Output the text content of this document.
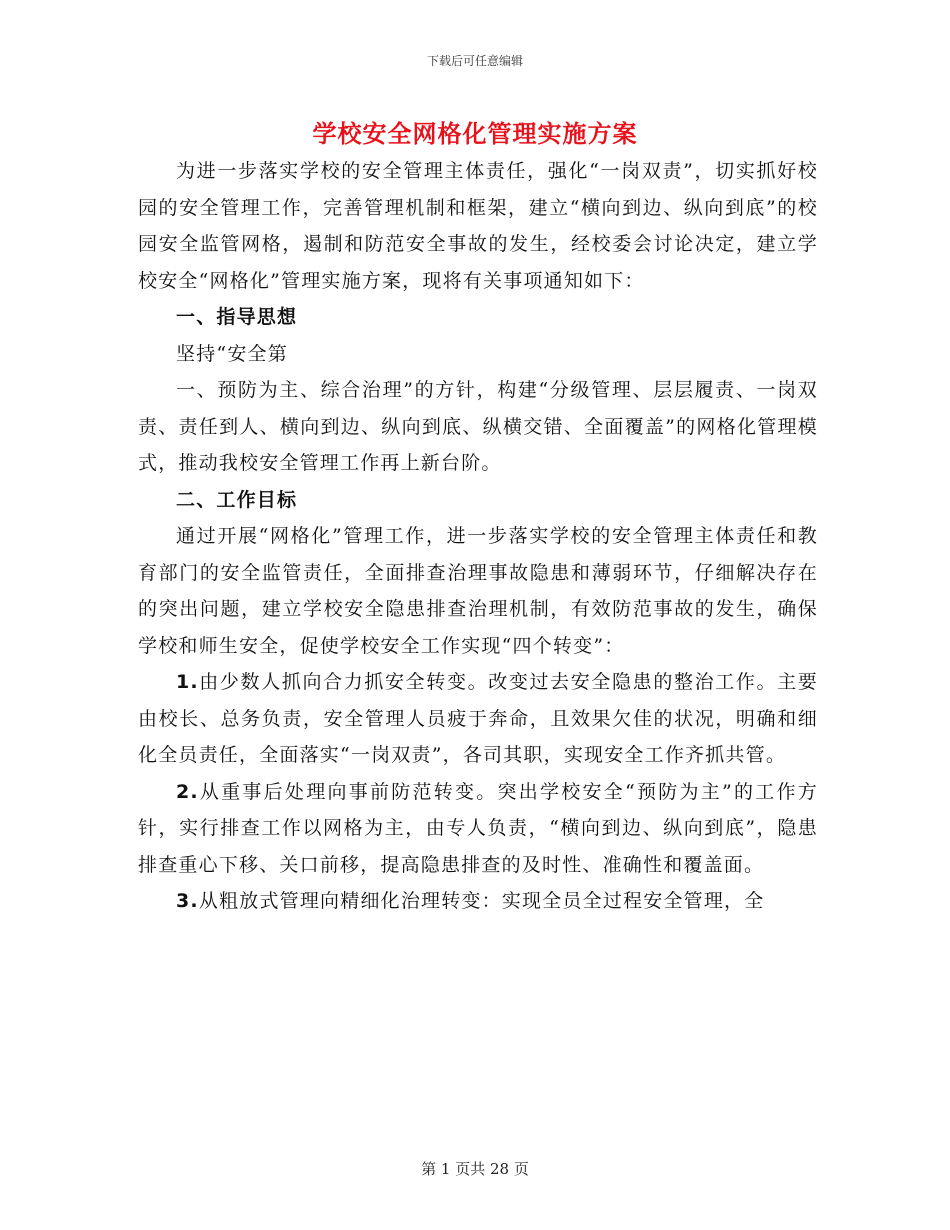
下载后可任意编辑
学校安全网格化管理实施方案

为进一步落实学校的安全管理主体责任，强化“一岗双责”，切实抓好校园的安全管理工作，完善管理机制和框架，建立“横向到边、纵向到底”的校园安全监管网格，遏制和防范安全事故的发生，经校委会讨论决定，建立学校安全“网格化”管理实施方案，现将有关事项通知如下：

一、指导思想

坚持“安全第

一、预防为主、综合治理”的方针，构建“分级管理、层层履责、一岗双责、责任到人、横向到边、纵向到底、纵横交错、全面覆盖”的网格化管理模式，推动我校安全管理工作再上新台阶。

二、工作目标

通过开展“网格化”管理工作，进一步落实学校的安全管理主体责任和教育部门的安全监管责任，全面排查治理事故隐患和薄弱环节，仔细解决存在的突出问题，建立学校安全隐患排查治理机制，有效防范事故的发生，确保学校和师生安全，促使学校安全工作实现“四个转变”：

1.由少数人抓向合力抓安全转变。改变过去安全隐患的整治工作。主要由校长、总务负责，安全管理人员疲于奔命，且效果欠佳的状况，明确和细化全员责任，全面落实“一岗双责”，各司其职，实现安全工作齐抓共管。

2.从重事后处理向事前防范转变。突出学校安全“预防为主”的工作方针，实行排查工作以网格为主，由专人负责，“横向到边、纵向到底”，隐患排查重心下移、关口前移，提高隐患排查的及时性、准确性和覆盖面。

3.从粗放式管理向精细化治理转变：实现全员全过程安全管理，全

第 1 页共 28 页
